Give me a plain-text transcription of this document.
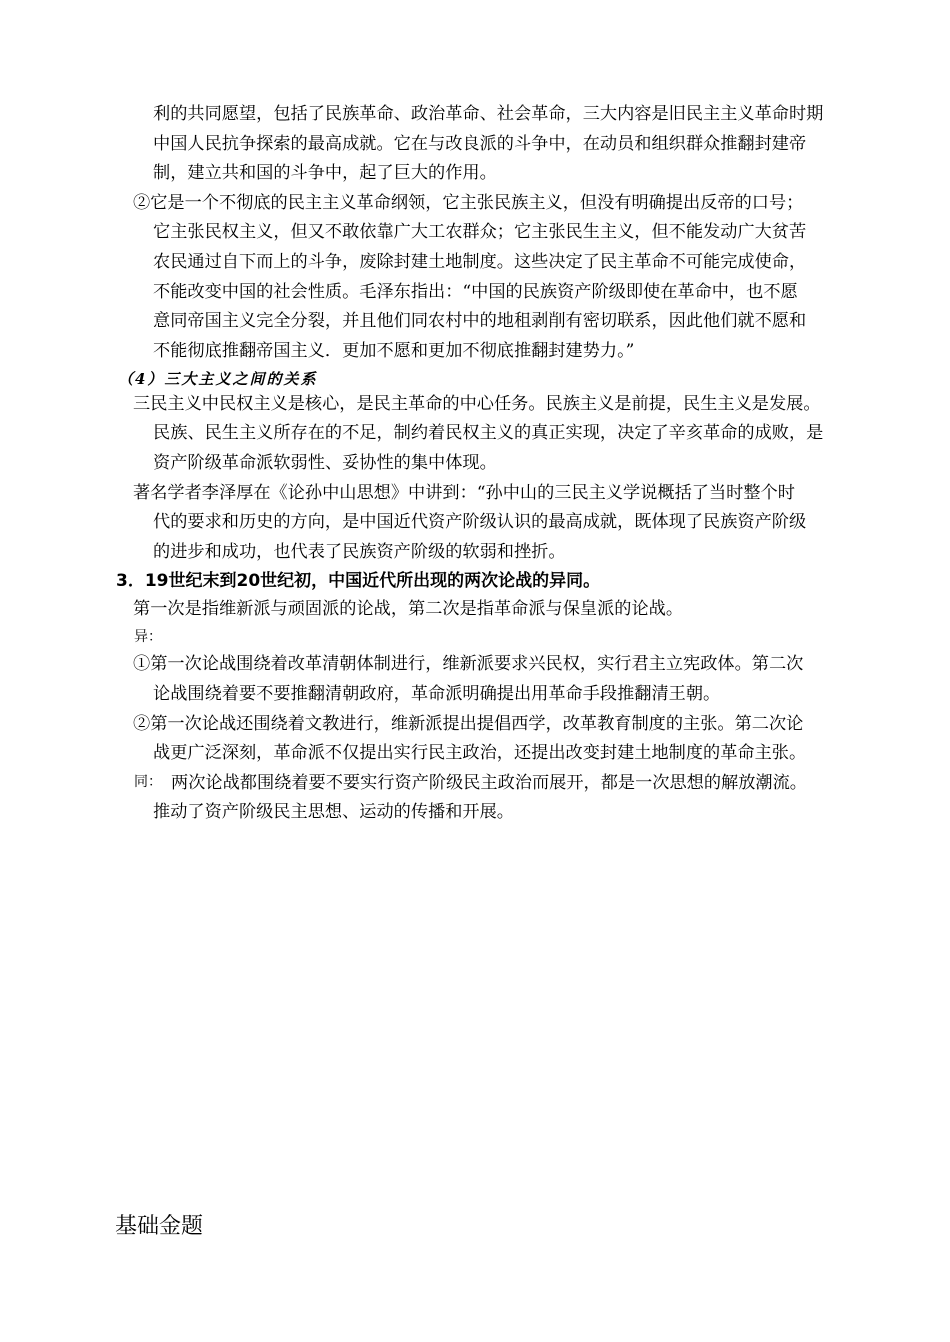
利的共同愿望，包括了民族革命、政治革命、社会革命，三大内容是旧民主主义革命时期
中国人民抗争探索的最高成就。它在与改良派的斗争中，在动员和组织群众推翻封建帝
制，建立共和国的斗争中，起了巨大的作用。
②它是一个不彻底的民主主义革命纲领，它主张民族主义，但没有明确提出反帝的口号；
它主张民权主义，但又不敢依靠广大工农群众；它主张民生主义，但不能发动广大贫苦
农民通过自下而上的斗争，废除封建土地制度。这些决定了民主革命不可能完成使命，
不能改变中国的社会性质。毛泽东指出：“中国的民族资产阶级即使在革命中，也不愿
意同帝国主义完全分裂，并且他们同农村中的地租剥削有密切联系，因此他们就不愿和
不能彻底推翻帝国主义．更加不愿和更加不彻底推翻封建势力。”
（4）三大主义之间的关系
三民主义中民权主义是核心，是民主革命的中心任务。民族主义是前提，民生主义是发展。
民族、民生主义所存在的不足，制约着民权主义的真正实现，决定了辛亥革命的成败，是
资产阶级革命派软弱性、妥协性的集中体现。
著名学者李泽厚在《论孙中山思想》中讲到：“孙中山的三民主义学说概括了当时整个时
代的要求和历史的方向，是中国近代资产阶级认识的最高成就，既体现了民族资产阶级
的进步和成功，也代表了民族资产阶级的软弱和挫折。
3．19世纪末到20世纪初，中国近代所出现的两次论战的异同。
第一次是指维新派与顽固派的论战，第二次是指革命派与保皇派的论战。
异：
①第一次论战围绕着改革清朝体制进行，维新派要求兴民权，实行君主立宪政体。第二次
论战围绕着要不要推翻清朝政府，革命派明确提出用革命手段推翻清王朝。
②第一次论战还围绕着文教进行，维新派提出提倡西学，改革教育制度的主张。第二次论
战更广泛深刻，革命派不仅提出实行民主政治，还提出改变封建土地制度的革命主张。
同： 两次论战都围绕着要不要实行资产阶级民主政治而展开，都是一次思想的解放潮流。
推动了资产阶级民主思想、运动的传播和开展。
基础金题
